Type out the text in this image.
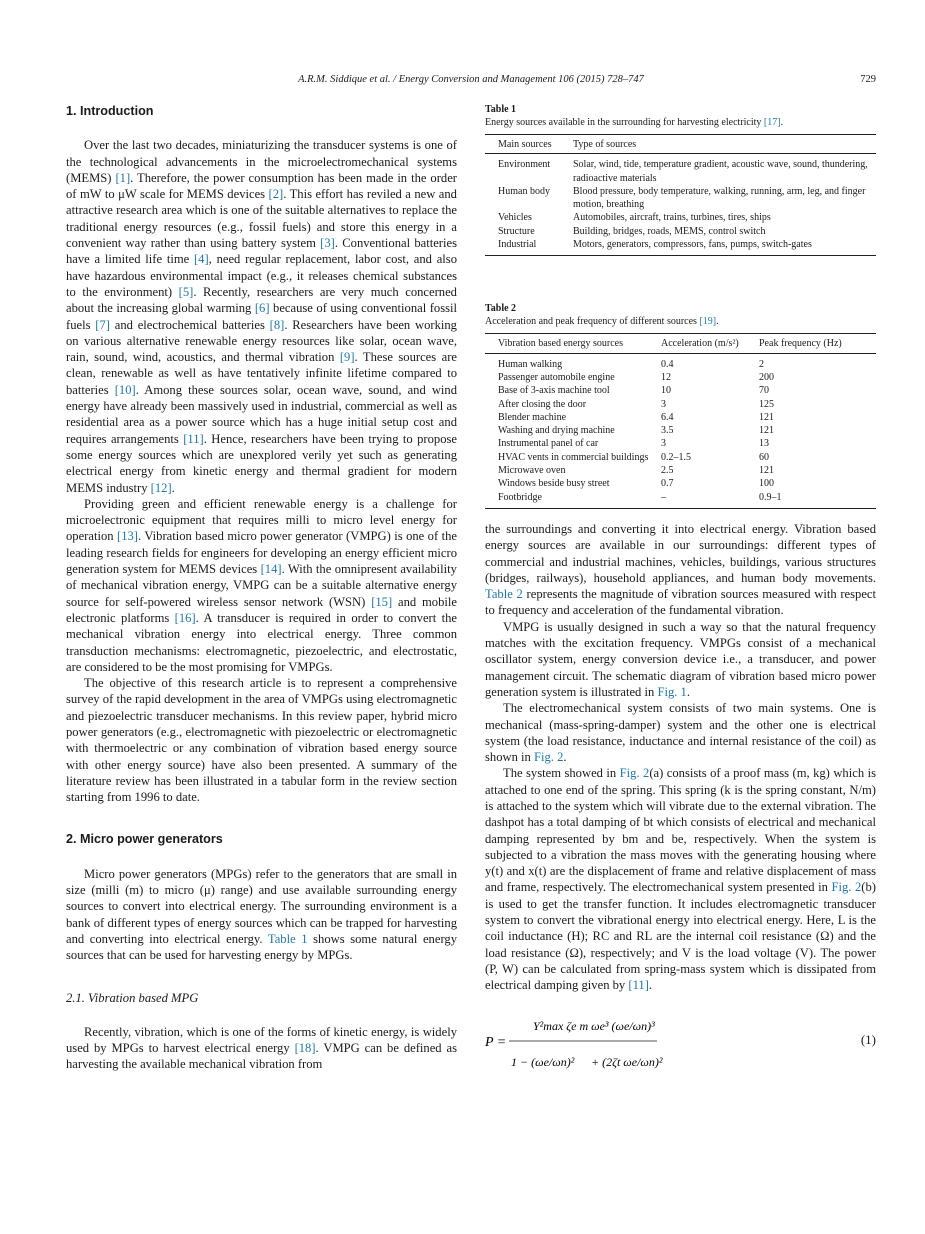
A.R.M. Siddique et al. / Energy Conversion and Management 106 (2015) 728–747	729
1. Introduction

Over the last two decades, miniaturizing the transducer systems is one of the technological advancements in the microelectromechanical systems (MEMS) [1]. Therefore, the power consumption has been made in the order of mW to μW scale for MEMS devices [2]. This effort has reviled a new and attractive research area which is one of the suitable alternatives to replace the traditional energy resources (e.g., fossil fuels) and store this energy in a convenient way rather than using battery system [3]. Conventional batteries have a limited life time [4], need regular replacement, labor cost, and also have hazardous environmental impact (e.g., it releases chemical substances to the environment) [5]. Recently, researchers are very much concerned about the increasing global warming [6] because of using conventional fossil fuels [7] and electrochemical batteries [8]. Researchers have been working on various alternative renewable energy resources like solar, ocean wave, rain, sound, wind, acoustics, and thermal vibration [9]. These sources are clean, renewable as well as have tentatively infinite lifetime compared to batteries [10]. Among these sources solar, ocean wave, sound, and wind energy have already been massively used in industrial, commercial as well as residential area as a power source which has a huge initial setup cost and requires arrangements [11]. Hence, researchers have been trying to propose some energy sources which are unexplored verily yet such as generating electrical energy from kinetic energy and thermal gradient for modern MEMS industry [12].

Providing green and efficient renewable energy is a challenge for microelectronic equipment that requires milli to micro level energy for operation [13]. Vibration based micro power generator (VMPG) is one of the leading research fields for engineers for developing an energy efficient micro generation system for MEMS devices [14]. With the omnipresent availability of mechanical vibration energy, VMPG can be a suitable alternative energy source for self-powered wireless sensor network (WSN) [15] and mobile electronic platforms [16]. A transducer is required in order to convert the mechanical vibration energy into electrical energy. Three common transduction mechanisms: electromagnetic, piezoelectric, and electrostatic, are considered to be the most promising for VMPGs.

The objective of this research article is to represent a comprehensive survey of the rapid development in the area of VMPGs using electromagnetic and piezoelectric transducer mechanisms. In this review paper, hybrid micro power generators (e.g., electromagnetic with piezoelectric or electromagnetic with thermoelectric or any combination of vibration based energy source with other energy source) have also been presented. A summary of the literature review has been illustrated in a tabular form in the review section starting from 1996 to date.

2. Micro power generators

Micro power generators (MPGs) refer to the generators that are small in size (milli (m) to micro (μ) range) and use available surrounding energy sources to convert into electrical energy. The surrounding environment is a bank of different types of energy sources which can be trapped for harvesting and converting into electrical energy. Table 1 shows some natural energy sources that can be used for harvesting energy by MPGs.

2.1. Vibration based MPG

Recently, vibration, which is one of the forms of kinetic energy, is widely used by MPGs to harvest electrical energy [18]. VMPG can be defined as harvesting the available mechanical vibration from

Table 1
Energy sources available in the surrounding for harvesting electricity [17].
Main sources	Type of sources
Environment	Solar, wind, tide, temperature gradient, acoustic wave, sound, thundering, radioactive materials
Human body	Blood pressure, body temperature, walking, running, arm, leg, and finger motion, breathing
Vehicles	Automobiles, aircraft, trains, turbines, tires, ships
Structure	Building, bridges, roads, MEMS, control switch
Industrial	Motors, generators, compressors, fans, pumps, switch-gates
Table 2
Acceleration and peak frequency of different sources [19].
Vibration based energy sources	Acceleration (m/s²)	Peak frequency (Hz)
Human walking	0.4	2
Passenger automobile engine	12	200
Base of 3-axis machine tool	10	70
After closing the door	3	125
Blender machine	6.4	121
Washing and drying machine	3.5	121
Instrumental panel of car	3	13
HVAC vents in commercial buildings	0.2–1.5	60
Microwave oven	2.5	121
Windows beside busy street	0.7	100
Footbridge	–	0.9–1

the surroundings and converting it into electrical energy. Vibration based energy sources are available in our surroundings: different types of commercial and industrial machines, vehicles, buildings, various structures (bridges, railways), household appliances, and human body movements. Table 2 represents the magnitude of vibration sources measured with respect to frequency and acceleration of the fundamental vibration.

VMPG is usually designed in such a way so that the natural frequency matches with the excitation frequency. VMPGs consist of a mechanical oscillator system, energy conversion device i.e., a transducer, and power management circuit. The schematic diagram of vibration based micro power generation system is illustrated in Fig. 1.

The electromechanical system consists of two main systems. One is mechanical (mass-spring-damper) system and the other one is electrical system (the load resistance, inductance and internal resistance of the coil) as shown in Fig. 2.

The system showed in Fig. 2(a) consists of a proof mass (m, kg) which is attached to one end of the spring. This spring (k is the spring constant, N/m) is attached to the system which will vibrate due to the external vibration. The dashpot has a total damping of bt which consists of electrical and mechanical damping represented by bm and be, respectively. When the system is subjected to a vibration the mass moves with the generating housing where y(t) and x(t) are the displacement of frame and relative displacement of mass and frame, respectively. The electromechanical system presented in Fig. 2(b) is used to get the transfer function. It includes electromagnetic transducer system to convert the vibrational energy into electrical energy. Here, L is the coil inductance (H); RC and RL are the internal coil resistance (Ω) and the load resistance (Ω), respectively; and V is the load voltage (V). The power (P, W) can be calculated from spring-mass system which is dissipated from electrical damping given by [11].

P =
Y²max ζe m ωe³ (ωe/ωn)³
1 − (ωe/ωn)² + (2ζt ωe/ωn)²
(1)
